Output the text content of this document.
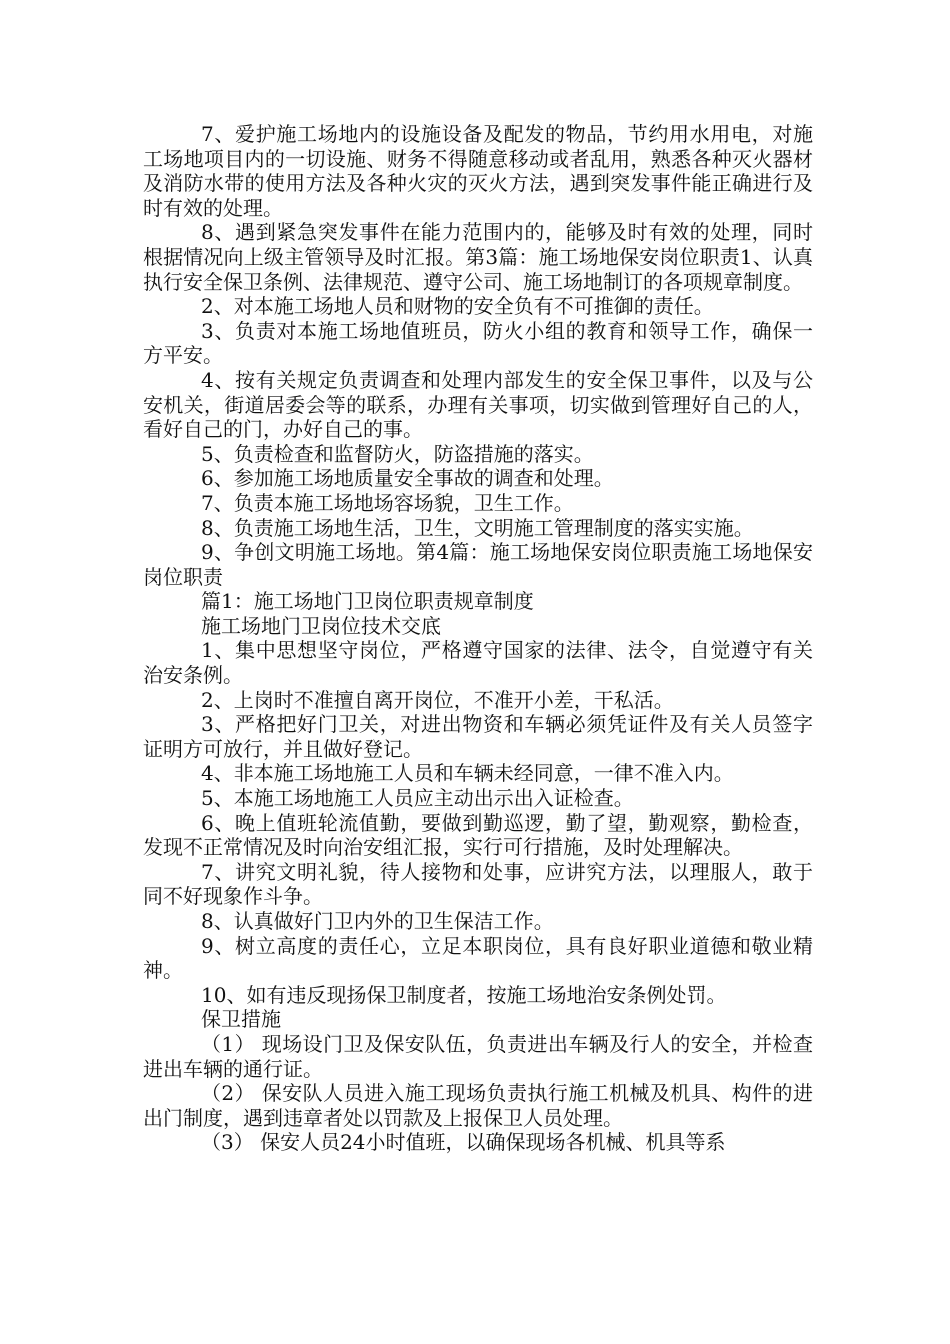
7、爱护施工场地内的设施设备及配发的物品，节约用水用电，对施工场地项目内的一切设施、财务不得随意移动或者乱用，熟悉各种灭火器材及消防水带的使用方法及各种火灾的灭火方法，遇到突发事件能正确进行及时有效的处理。

8、遇到紧急突发事件在能力范围内的，能够及时有效的处理，同时根据情况向上级主管领导及时汇报。第3篇：施工场地保安岗位职责1、认真执行安全保卫条例、法律规范、遵守公司、施工场地制订的各项规章制度。

2、对本施工场地人员和财物的安全负有不可推御的责任。

3、负责对本施工场地值班员，防火小组的教育和领导工作，确保一方平安。

4、按有关规定负责调查和处理内部发生的安全保卫事件，以及与公安机关，街道居委会等的联系，办理有关事项，切实做到管理好自己的人，看好自己的门，办好自己的事。

5、负责检查和监督防火，防盗措施的落实。

6、参加施工场地质量安全事故的调查和处理。

7、负责本施工场地场容场貌，卫生工作。

8、负责施工场地生活，卫生，文明施工管理制度的落实实施。

9、争创文明施工场地。第4篇：施工场地保安岗位职责施工场地保安岗位职责

篇1：施工场地门卫岗位职责规章制度

施工场地门卫岗位技术交底

1、集中思想坚守岗位，严格遵守国家的法律、法令，自觉遵守有关治安条例。

2、上岗时不准擅自离开岗位，不准开小差，干私活。

3、严格把好门卫关，对进出物资和车辆必须凭证件及有关人员签字证明方可放行，并且做好登记。

4、非本施工场地施工人员和车辆未经同意，一律不准入内。

5、本施工场地施工人员应主动出示出入证检查。

6、晚上值班轮流值勤，要做到勤巡逻，勤了望，勤观察，勤检查，发现不正常情况及时向治安组汇报，实行可行措施，及时处理解决。

7、讲究文明礼貌，待人接物和处事，应讲究方法，以理服人，敢于同不好现象作斗争。

8、认真做好门卫内外的卫生保洁工作。

9、树立高度的责任心，立足本职岗位，具有良好职业道德和敬业精神。

10、如有违反现扬保卫制度者，按施工场地治安条例处罚。

保卫措施

（1） 现场设门卫及保安队伍，负责进出车辆及行人的安全，并检查进出车辆的通行证。

（2） 保安队人员进入施工现场负责执行施工机械及机具、构件的进出门制度，遇到违章者处以罚款及上报保卫人员处理。

（3） 保安人员24小时值班，以确保现场各机械、机具等系
